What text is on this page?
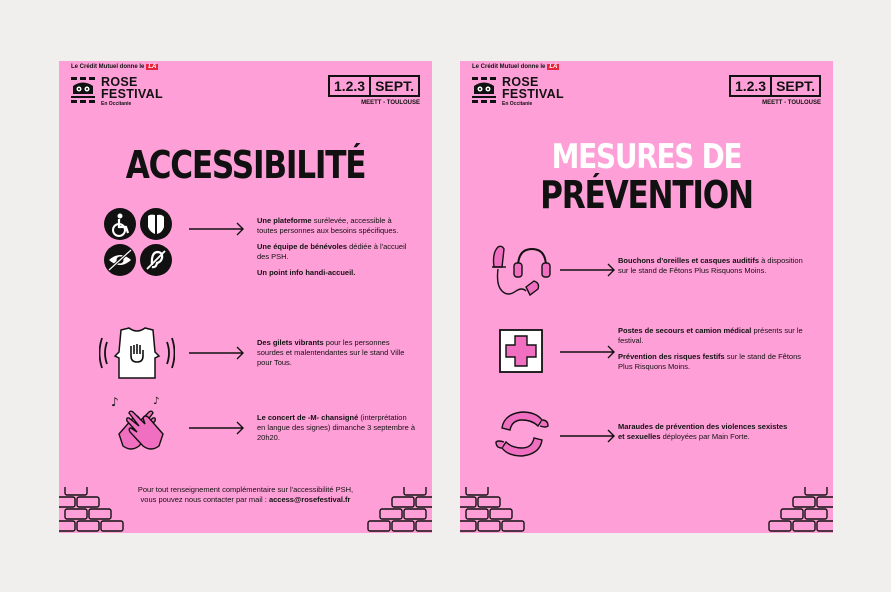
Le Crédit Mutuel donne le LA
ROSE
FESTIVAL
En Occitanie
1.2.3 SEPT.
MEETT - TOULOUSE
ACCESSIBILITÉ

Une plateforme surélevée, accessible à toutes personnes aux besoins spécifiques.

Une équipe de bénévoles dédiée à l'accueil des PSH.

Un point info handi-accueil.

Des gilets vibrants pour les personnes sourdes et malentendantes sur le stand Ville pour Tous.

♪	♪

Le concert de -M- chansigné (interprétation en langue des signes) dimanche 3 septembre à 20h20.

Pour tout renseignement complémentaire sur l'accessibilité PSH,
vous pouvez nous contacter par mail : access@rosefestival.fr
Le Crédit Mutuel donne le LA
ROSE
FESTIVAL
En Occitanie
1.2.3 SEPT.
MEETT - TOULOUSE
MESURES DE
PRÉVENTION

Bouchons d'oreilles et casques auditifs à disposition sur le stand de Fêtons Plus Risquons Moins.

Postes de secours et camion médical présents sur le festival.

Prévention des risques festifs sur le stand de Fêtons Plus Risquons Moins.

Maraudes de prévention des violences sexistes et sexuelles déployées par Main Forte.
